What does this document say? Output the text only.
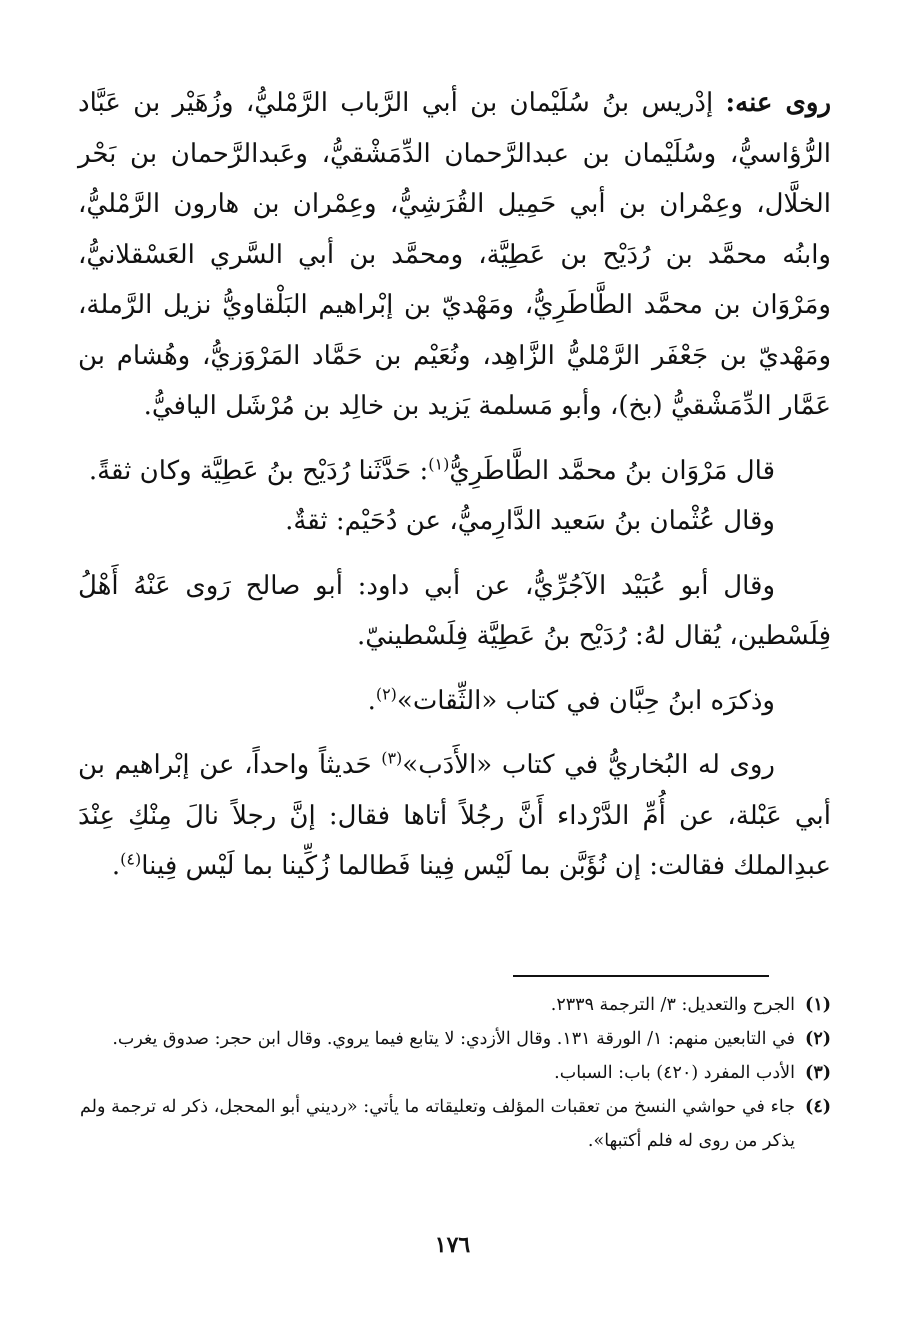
روى عنه: إدْريس بنُ سُلَيْمان بن أبي الرَّباب الرَّمْليُّ، وزُهَيْر بن عَبَّاد الرُّؤاسيُّ، وسُلَيْمان بن عبدالرَّحمان الدِّمَشْقيُّ، وعَبدالرَّحمان بن بَحْر الخلَّال، وعِمْران بن أبي حَمِيل القُرَشِيُّ، وعِمْران بن هارون الرَّمْليُّ، وابنُه محمَّد بن رُدَيْح بن عَطِيَّة، ومحمَّد بن أبي السَّري العَسْقلانيُّ، ومَرْوَان بن محمَّد الطَّاطَرِيُّ، ومَهْديّ بن إبْراهيم البَلْقاويُّ نزيل الرَّملة، ومَهْديّ بن جَعْفَر الرَّمْليُّ الزَّاهِد، ونُعَيْم بن حَمَّاد المَرْوَزيُّ، وهُشام بن عَمَّار الدِّمَشْقيُّ (بخ)، وأبو مَسلمة يَزيد بن خالِد بن مُرْشَل اليافيُّ.

قال مَرْوَان بنُ محمَّد الطَّاطَرِيُّ$^{(١)}$: حَدَّثَنا رُدَيْح بنُ عَطِيَّة وكان ثقةً.

وقال عُثْمان بنُ سَعيد الدَّارِميُّ، عن دُحَيْم: ثقةٌ.

وقال أبو عُبَيْد الآجُرِّيُّ، عن أبي داود: أبو صالح رَوى عَنْهُ أَهْلُ فِلَسْطين، يُقال لهُ: رُدَيْح بنُ عَطِيَّة فِلَسْطينيّ.

وذكرَه ابنُ حِبَّان في كتاب «الثِّقات»$^{(٢)}$.

روى له البُخاريُّ في كتاب «الأَدَب»$^{(٣)}$ حَديثاً واحداً، عن إبْراهيم بن أبي عَبْلة، عن أُمِّ الدَّرْداء أَنَّ رجُلاً أتاها فقال: إنَّ رجلاً نالَ مِنْكِ عِنْدَ عبدِالملك فقالت: إن نُؤَبَّن بما لَيْس فِينا فَطالما زُكِّينا بما لَيْس فِينا$^{(٤)}$.

(١)
الجرح والتعديل: ٣/ الترجمة ٢٣٣٩.
(٢)
في التابعين منهم: ١/ الورقة ١٣١. وقال الأزدي: لا يتابع فيما يروي. وقال ابن حجر: صدوق يغرب.
(٣)
الأدب المفرد (٤٢٠) باب: السباب.
(٤)
جاء في حواشي النسخ من تعقبات المؤلف وتعليقاته ما يأتي: «رديني أبو المحجل، ذكر له ترجمة ولم يذكر من روى له فلم أكتبها».
١٧٦
